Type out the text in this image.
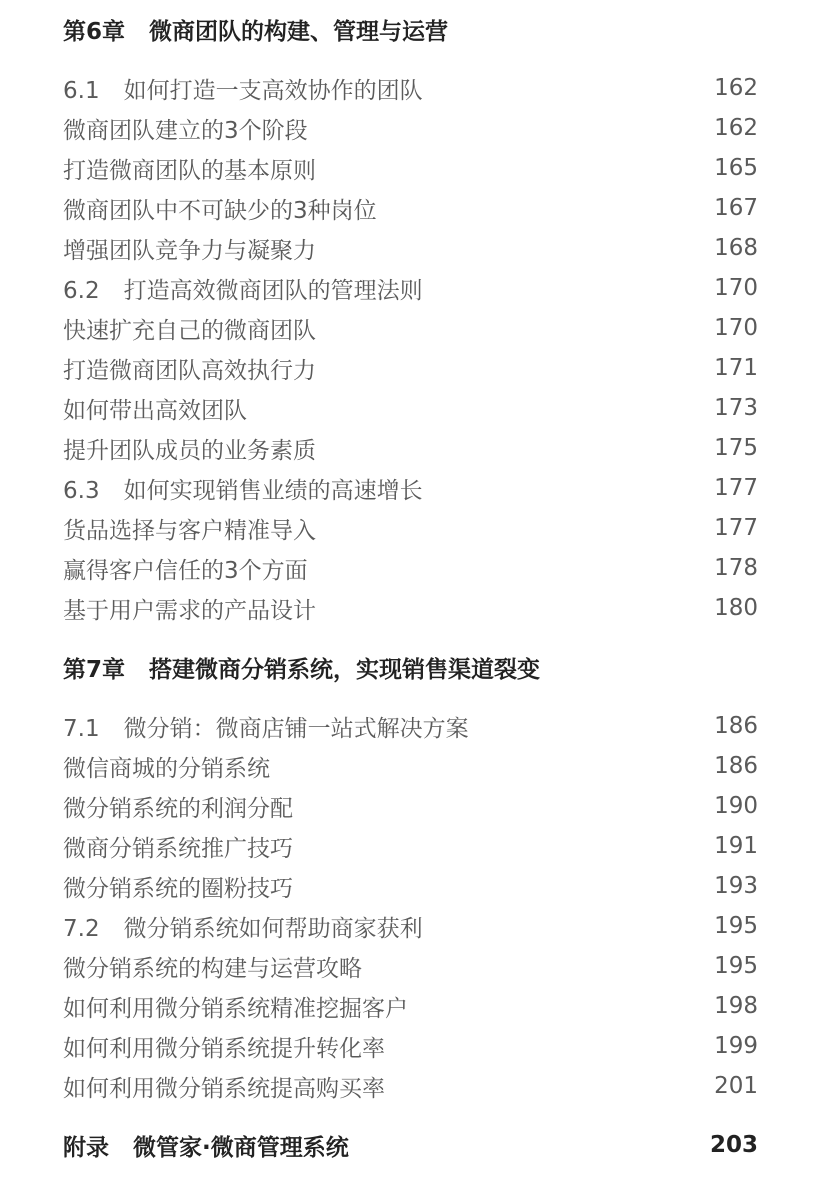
第6章 微商团队的构建、管理与运营
6.1 如何打造一支高效协作的团队	162
微商团队建立的3个阶段	162
打造微商团队的基本原则	165
微商团队中不可缺少的3种岗位	167
增强团队竞争力与凝聚力	168
6.2 打造高效微商团队的管理法则	170
快速扩充自己的微商团队	170
打造微商团队高效执行力	171
如何带出高效团队	173
提升团队成员的业务素质	175
6.3 如何实现销售业绩的高速增长	177
货品选择与客户精准导入	177
赢得客户信任的3个方面	178
基于用户需求的产品设计	180
第7章 搭建微商分销系统，实现销售渠道裂变
7.1 微分销：微商店铺一站式解决方案	186
微信商城的分销系统	186
微分销系统的利润分配	190
微商分销系统推广技巧	191
微分销系统的圈粉技巧	193
7.2 微分销系统如何帮助商家获利	195
微分销系统的构建与运营攻略	195
如何利用微分销系统精准挖掘客户	198
如何利用微分销系统提升转化率	199
如何利用微分销系统提高购买率	201
附录 微管家·微商管理系统	203
